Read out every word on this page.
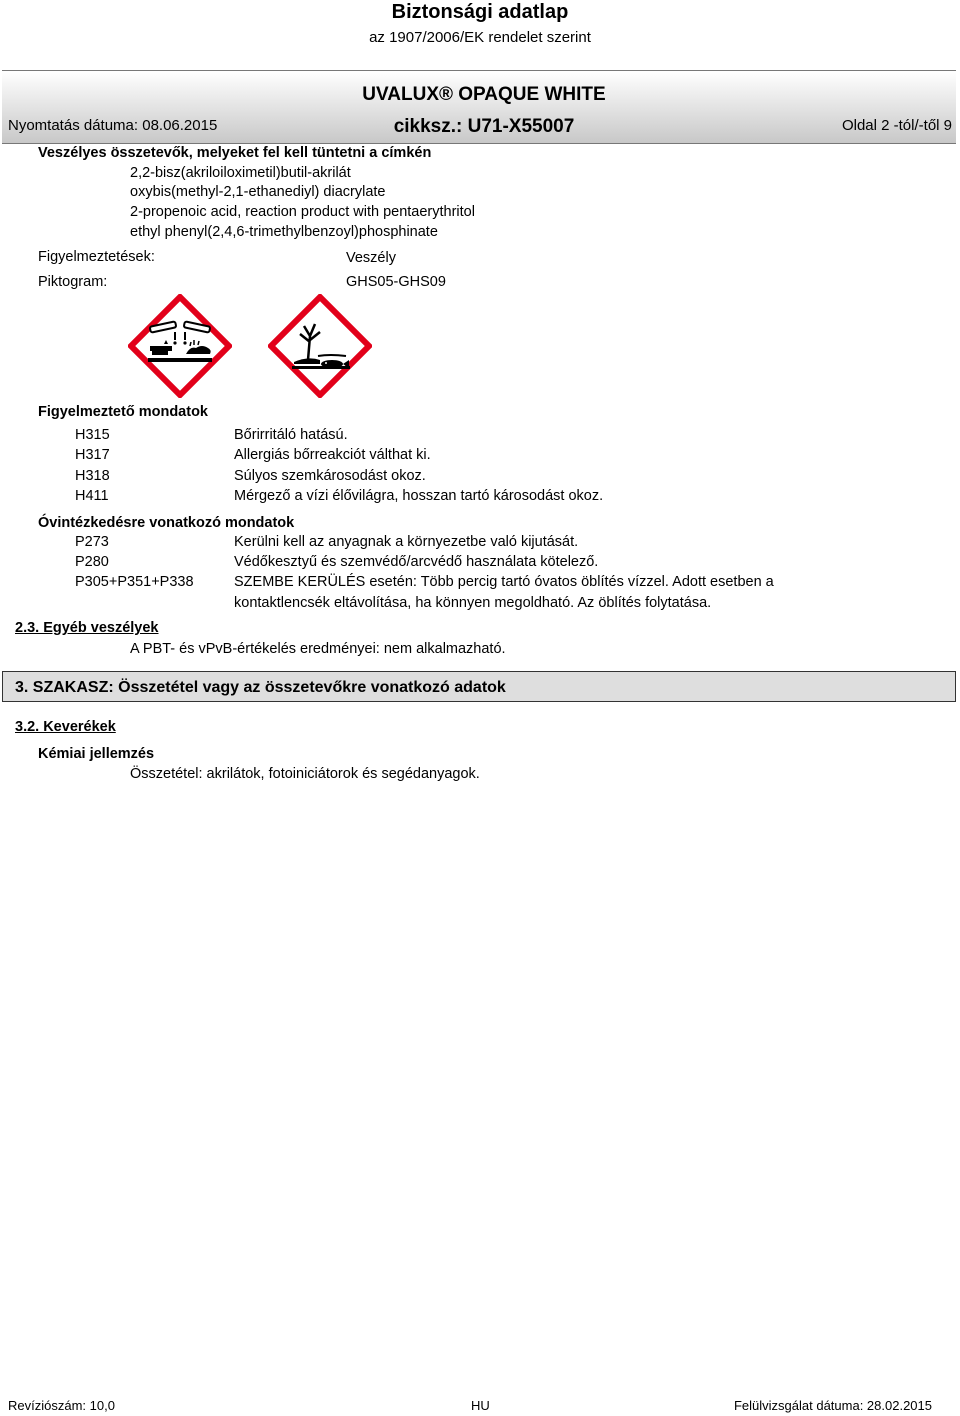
Biztonsági adatlap
az 1907/2006/EK rendelet szerint
UVALUX® OPAQUE WHITE
Nyomtatás dátuma: 08.06.2015	cikksz.: U71-X55007	Oldal 2 -tól/-től 9
Veszélyes összetevők, melyeket fel kell tüntetni a címkén
2,2-bisz(akriloiloximetil)butil-akrilát
oxybis(methyl-2,1-ethanediyl) diacrylate
2-propenoic acid, reaction product with pentaerythritol
ethyl phenyl(2,4,6-trimethylbenzoyl)phosphinate
Figyelmeztetések:	Veszély
Piktogram:	GHS05-GHS09
Figyelmeztető mondatok
H315	Bőrirritáló hatású.
H317	Allergiás bőrreakciót válthat ki.
H318	Súlyos szemkárosodást okoz.
H411	Mérgező a vízi élővilágra, hosszan tartó károsodást okoz.
Óvintézkedésre vonatkozó mondatok
P273	Kerülni kell az anyagnak a környezetbe való kijutását.
P280	Védőkesztyű és szemvédő/arcvédő használata kötelező.
P305+P351+P338	SZEMBE KERÜLÉS esetén: Több percig tartó óvatos öblítés vízzel. Adott esetben a
kontaktlencsék eltávolítása, ha könnyen megoldható. Az öblítés folytatása.
2.3. Egyéb veszélyek
A PBT- és vPvB-értékelés eredményei: nem alkalmazható.
3. SZAKASZ: Összetétel vagy az összetevőkre vonatkozó adatok
3.2. Keverékek
Kémiai jellemzés
Összetétel: akrilátok, fotoiniciátorok és segédanyagok.
Revíziószám: 10,0	HU	Felülvizsgálat dátuma: 28.02.2015
